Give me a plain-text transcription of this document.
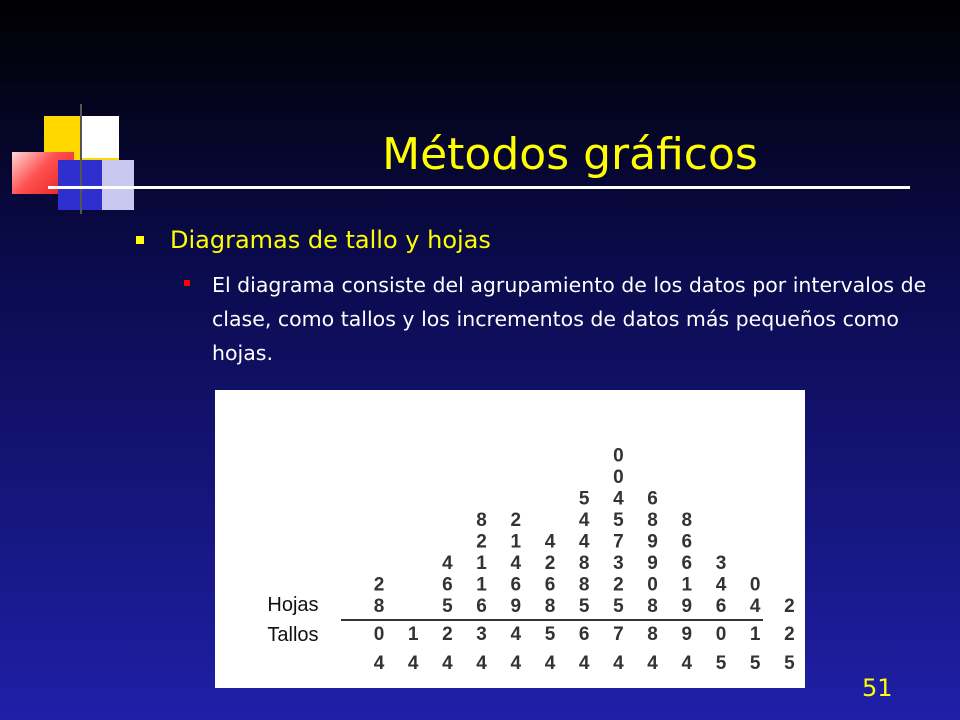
Métodos gráficos
Diagramas de tallo y hojas
El diagrama consiste del agrupamiento de los datos por intervalos de clase, como tallos y los incrementos de datos más pequeños como hojas.
8
2
0
4
1
4
5
6
4
2
4
6
1
1
2
8
3
4
9
6
4
1
2
4
4
8
6
2
4
5
4
5
8
8
4
4
5
6
4
5
2
3
7
5
4
0
0
7
4
8
0
9
9
8
6
8
4
9
1
6
6
8
9
4
6
4
3
0
5
4
0
1
5
2
2
5
Hojas
Tallos
51
